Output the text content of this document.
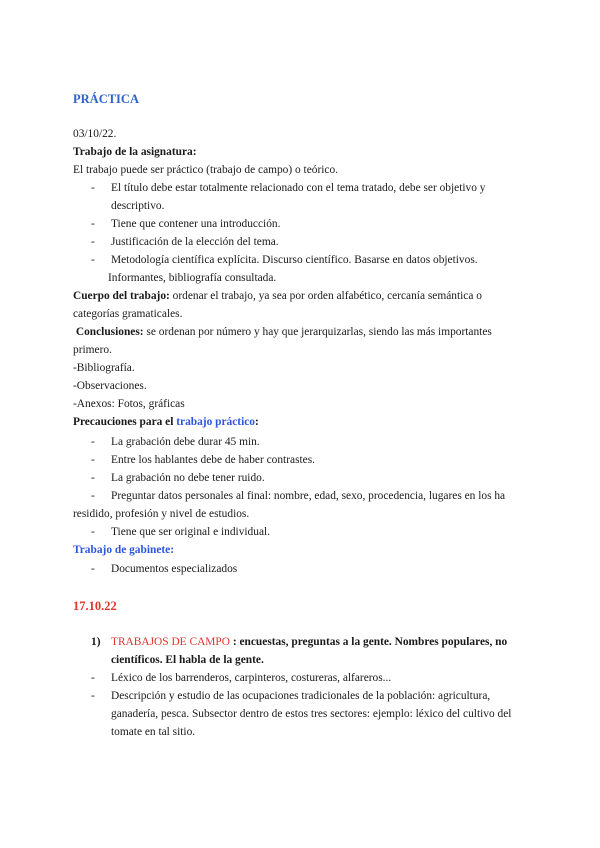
PRÁCTICA
03/10/22.
Trabajo de la asignatura:
El trabajo puede ser práctico (trabajo de campo) o teórico.
- El título debe estar totalmente relacionado con el tema tratado, debe ser objetivo y
descriptivo.
- Tiene que contener una introducción.
- Justificación de la elección del tema.
- Metodología científica explícita. Discurso científico. Basarse en datos objetivos.
Informantes, bibliografía consultada.
Cuerpo del trabajo: ordenar el trabajo, ya sea por orden alfabético, cercanía semántica o
categorías gramaticales.
Conclusiones: se ordenan por número y hay que jerarquizarlas, siendo las más importantes
primero.
-Bibliografía.
-Observaciones.
-Anexos: Fotos, gráficas
Precauciones para el trabajo práctico:
- La grabación debe durar 45 min.
- Entre los hablantes debe de haber contrastes.
- La grabación no debe tener ruido.
- Preguntar datos personales al final: nombre, edad, sexo, procedencia, lugares en los ha
residido, profesión y nivel de estudios.
- Tiene que ser original e individual.
Trabajo de gabinete:
- Documentos especializados
17.10.22
1) TRABAJOS DE CAMPO : encuestas, preguntas a la gente. Nombres populares, no
científicos. El habla de la gente.
- Léxico de los barrenderos, carpinteros, costureras, alfareros...
- Descripción y estudio de las ocupaciones tradicionales de la población: agricultura,
ganadería, pesca. Subsector dentro de estos tres sectores: ejemplo: léxico del cultivo del
tomate en tal sitio.
